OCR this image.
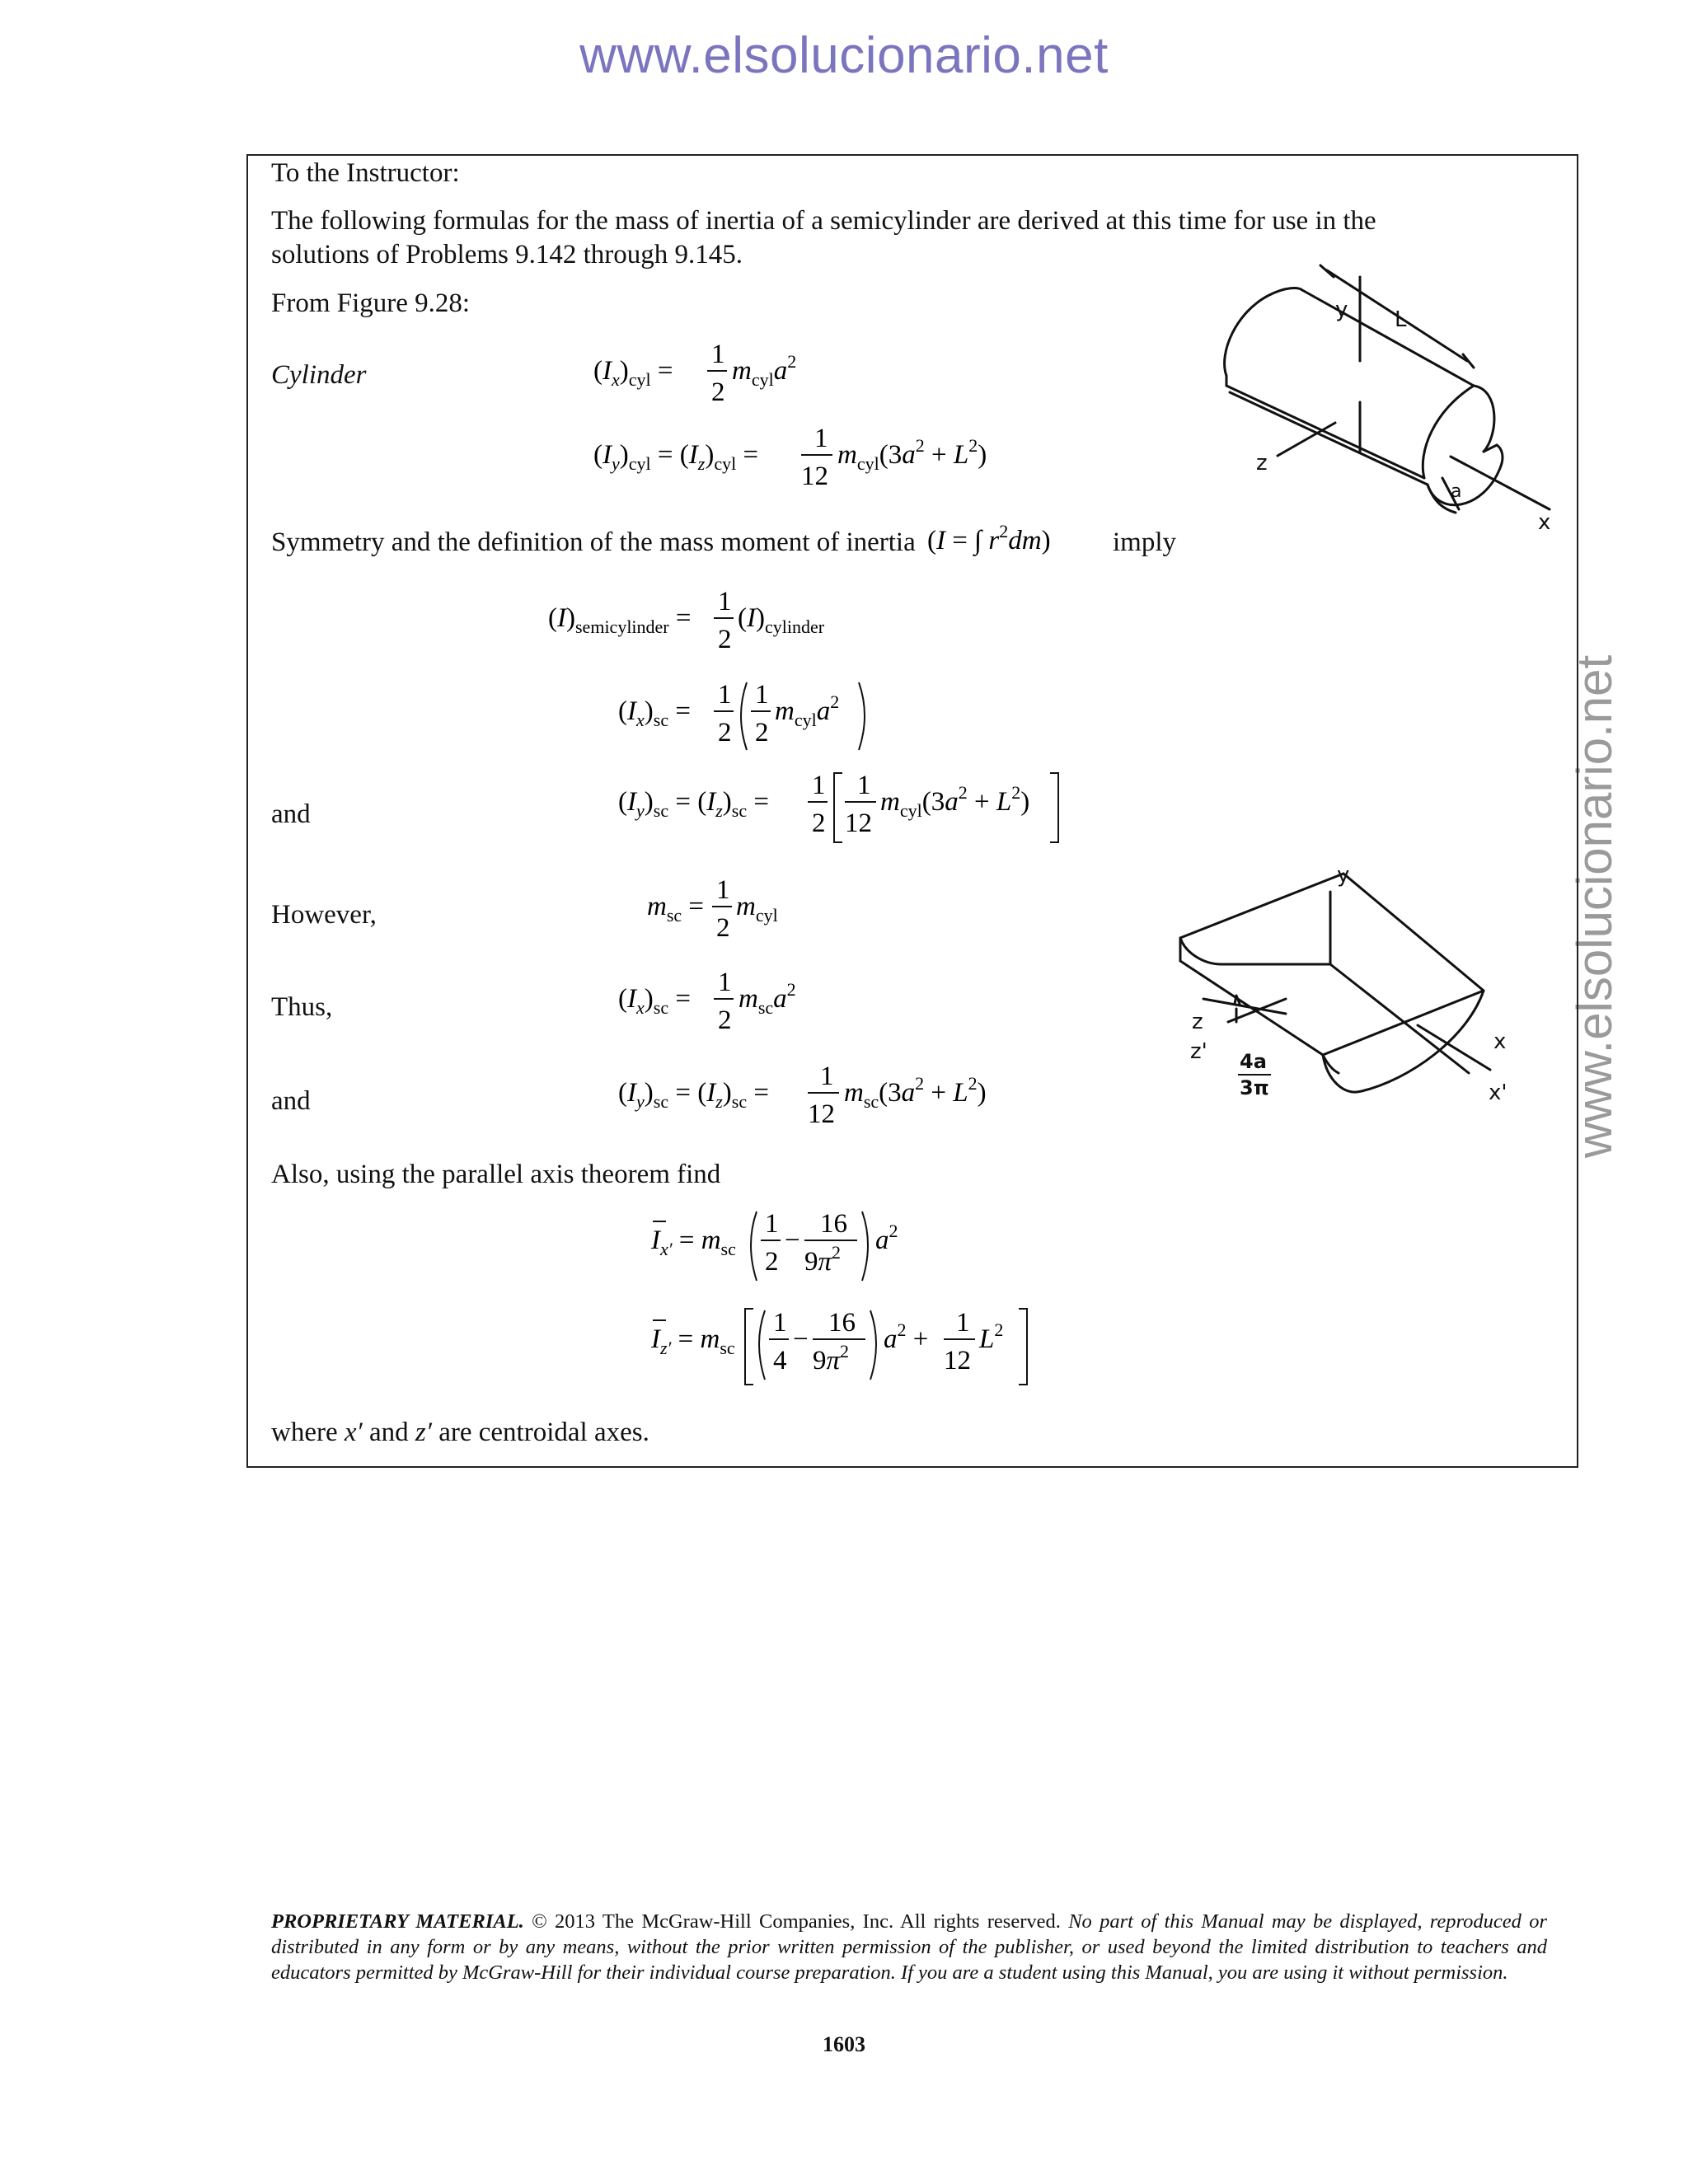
www.elsolucionario.net
www.elsolucionario.net
To the Instructor:
The following formulas for the mass of inertia of a semicylinder are derived at this time for use in the
solutions of Problems 9.142 through 9.145.
From Figure 9.28:
Cylinder	$(I_x)_{cyl}$ =
1
2
$m_{cyl}a^2$
$(I_y)_{cyl} = (I_z)_{cyl}$ =
1
12
$m_{cyl}(3a^2 + L^2)$
Symmetry and the definition of the mass moment of inertia (I = ∫ $r^2dm$) imply
$(I)_{semicylinder}$ =
1
2
$(I)_{cylinder}$
$(I_x)_{sc}$ =
1
2
1
2
$m_{cyl}a^2$
and	$(I_y)_{sc} = (I_z)_{sc}$ =
1
2
1
12
$m_{cyl}(3a^2 + L^2)$
However,	$m_{sc}$ =
1
2
$m_{cyl}$
Thus,	$(I_x)_{sc}$ =
1
2
$m_{sc}a^2$
and	$(I_y)_{sc} = (I_z)_{sc}$ =
1
12
$m_{sc}(3a^2 + L^2)$
Also, using the parallel axis theorem find
$I_{x'} = m_{sc}$
1
2
−
16
$9\pi^2$ $a^2$
$I_{z'} = m_{sc}$
1
4
−
16
$9\pi^2$ $a^2$ +
1
12
$L^2$
where x′ and z′ are centroidal axes.
y L
z
a
x
y
z
z' 4a
3π
x
x'
PROPRIETARY MATERIAL. © 2013 The McGraw-Hill Companies, Inc. All rights reserved. No part of this Manual may be displayed, reproduced or distributed in any form or by any means, without the prior written permission of the publisher, or used beyond the limited distribution to teachers and educators permitted by McGraw-Hill for their individual course preparation. If you are a student using this Manual, you are using it without permission.
1603
